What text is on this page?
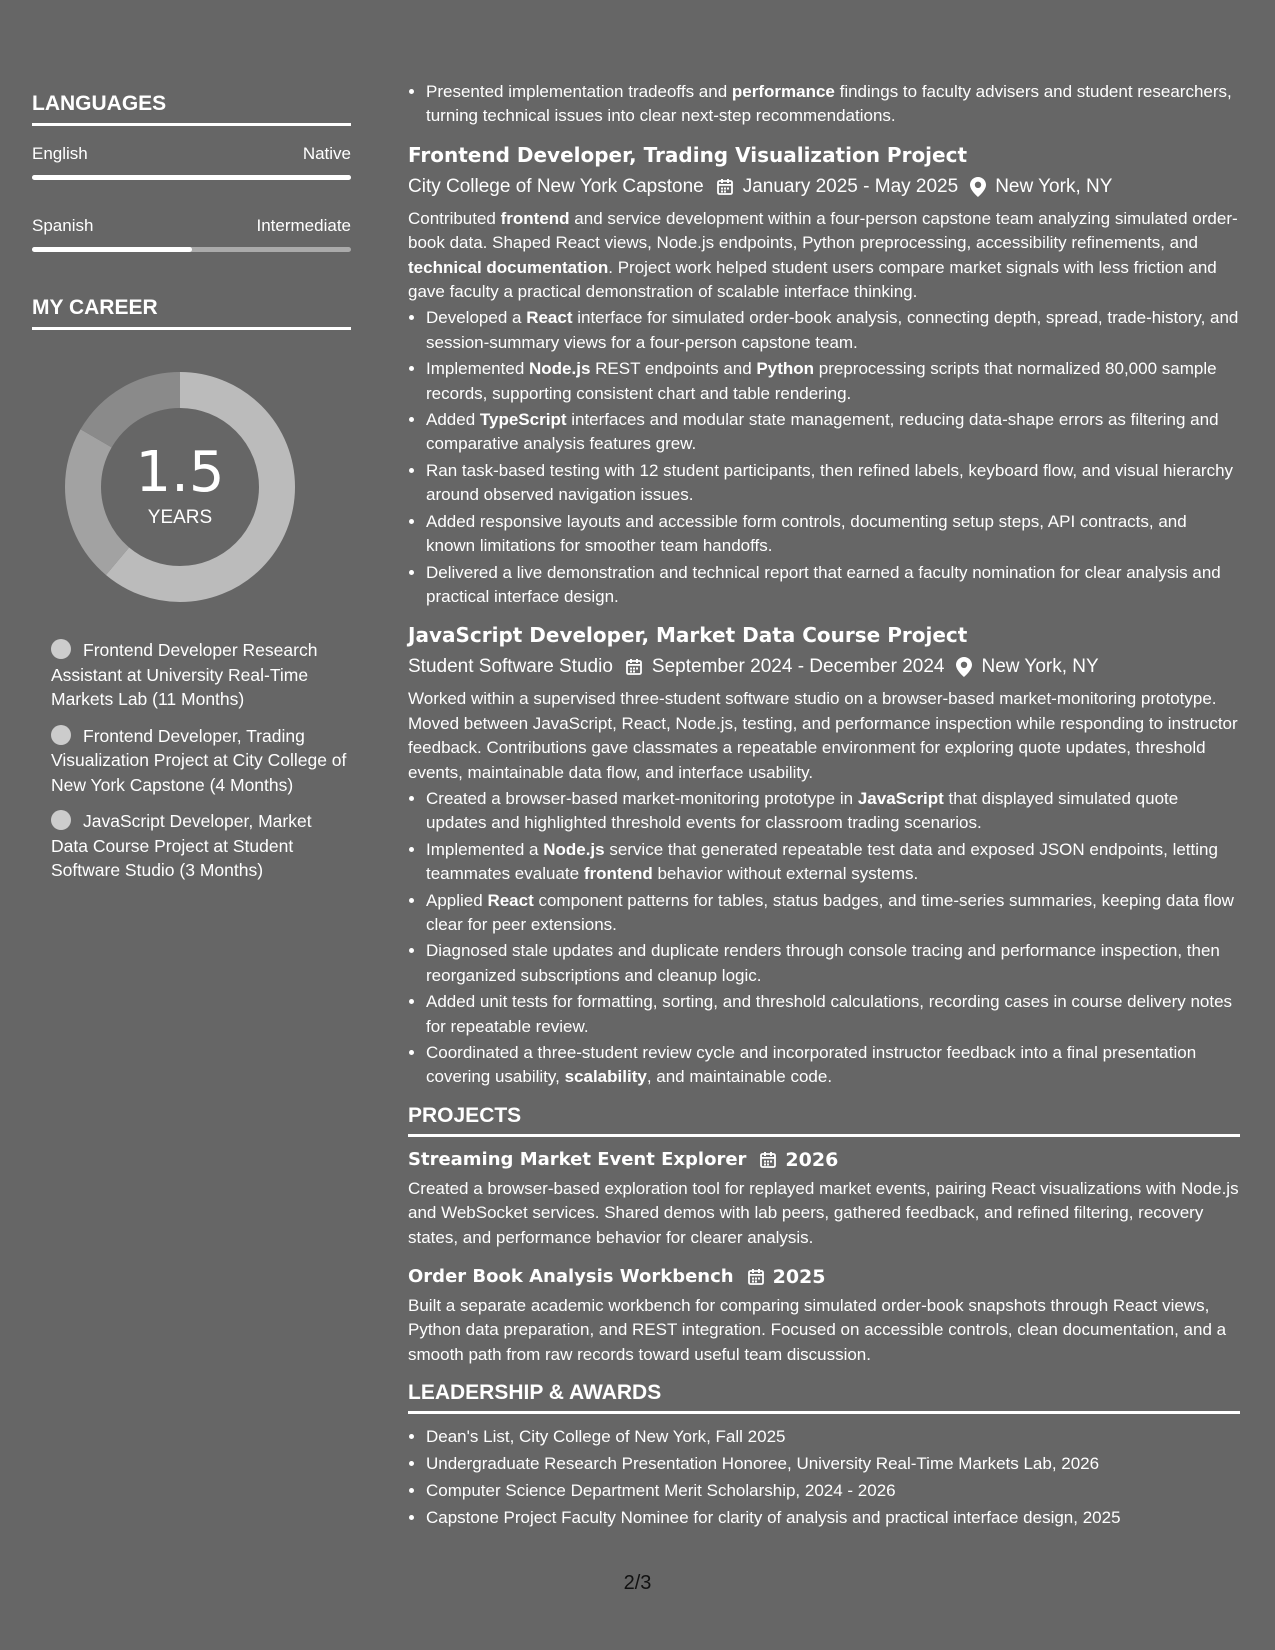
LANGUAGES
English	Native
Spanish	Intermediate
MY CAREER
1.5
YEARS
Frontend Developer Research Assistant at University Real-Time Markets Lab (11 Months)
Frontend Developer, Trading Visualization Project at City College of New York Capstone (4 Months)
JavaScript Developer, Market Data Course Project at Student Software Studio (3 Months)
• Presented implementation tradeoffs and performance findings to faculty advisers and student researchers, turning technical issues into clear next-step recommendations.
Frontend Developer, Trading Visualization Project
City College of New York Capstone January 2025 - May 2025 New York, NY
Contributed frontend and service development within a four-person capstone team analyzing simulated order-book data. Shaped React views, Node.js endpoints, Python preprocessing, accessibility refinements, and technical documentation. Project work helped student users compare market signals with less friction and gave faculty a practical demonstration of scalable interface thinking.
• Developed a React interface for simulated order-book analysis, connecting depth, spread, trade-history, and session-summary views for a four-person capstone team.
• Implemented Node.js REST endpoints and Python preprocessing scripts that normalized 80,000 sample records, supporting consistent chart and table rendering.
• Added TypeScript interfaces and modular state management, reducing data-shape errors as filtering and comparative analysis features grew.
• Ran task-based testing with 12 student participants, then refined labels, keyboard flow, and visual hierarchy around observed navigation issues.
• Added responsive layouts and accessible form controls, documenting setup steps, API contracts, and known limitations for smoother team handoffs.
• Delivered a live demonstration and technical report that earned a faculty nomination for clear analysis and practical interface design.
JavaScript Developer, Market Data Course Project
Student Software Studio September 2024 - December 2024 New York, NY
Worked within a supervised three-student software studio on a browser-based market-monitoring prototype. Moved between JavaScript, React, Node.js, testing, and performance inspection while responding to instructor feedback. Contributions gave classmates a repeatable environment for exploring quote updates, threshold events, maintainable data flow, and interface usability.
• Created a browser-based market-monitoring prototype in JavaScript that displayed simulated quote updates and highlighted threshold events for classroom trading scenarios.
• Implemented a Node.js service that generated repeatable test data and exposed JSON endpoints, letting teammates evaluate frontend behavior without external systems.
• Applied React component patterns for tables, status badges, and time-series summaries, keeping data flow clear for peer extensions.
• Diagnosed stale updates and duplicate renders through console tracing and performance inspection, then reorganized subscriptions and cleanup logic.
• Added unit tests for formatting, sorting, and threshold calculations, recording cases in course delivery notes for repeatable review.
• Coordinated a three-student review cycle and incorporated instructor feedback into a final presentation covering usability, scalability, and maintainable code.
PROJECTS
Streaming Market Event Explorer 2026
Created a browser-based exploration tool for replayed market events, pairing React visualizations with Node.js and WebSocket services. Shared demos with lab peers, gathered feedback, and refined filtering, recovery states, and performance behavior for clearer analysis.
Order Book Analysis Workbench 2025
Built a separate academic workbench for comparing simulated order-book snapshots through React views, Python data preparation, and REST integration. Focused on accessible controls, clean documentation, and a smooth path from raw records toward useful team discussion.
LEADERSHIP & AWARDS
• Dean's List, City College of New York, Fall 2025
• Undergraduate Research Presentation Honoree, University Real-Time Markets Lab, 2026
• Computer Science Department Merit Scholarship, 2024 - 2026
• Capstone Project Faculty Nominee for clarity of analysis and practical interface design, 2025
2/3
